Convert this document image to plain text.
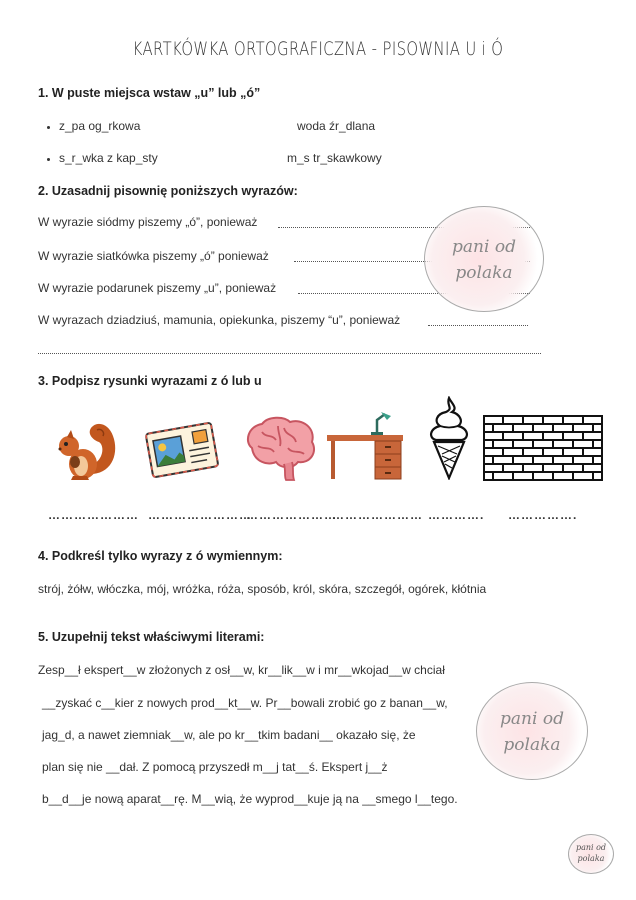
KARTKÓWKA ORTOGRAFICZNA - PISOWNIA U i Ó
1. W puste miejsca wstaw „u” lub „ó”
z_pa og_rkowa	woda źr_dlana
s_r_wka z kap_sty	m_s tr_skawkowy
2. Uzasadnij pisownię poniższych wyrazów:
W wyrazie siódmy piszemy „ó”, ponieważ
W wyrazie siatkówka piszemy „ó” ponieważ
W wyrazie podarunek piszemy „u”, ponieważ
W wyrazach dziadziuś, mamunia, opiekunka, piszemy “u”, ponieważ
pani od
polaka
3. Podpisz rysunki wyrazami z ó lub u
………………… ……………………
…………………
………………… …………. …………….
4. Podkreśl tylko wyrazy z ó wymiennym:
strój, żółw, włóczka, mój, wróżka, róża, sposób, król, skóra, szczegół, ogórek, kłótnia
5. Uzupełnij tekst właściwymi literami:
Zesp__ł ekspert__w złożonych z osł__w, kr__lik__w i mr__wkojad__w chciał
__zyskać c__kier z nowych prod__kt__w. Pr__bowali zrobić go z banan__w,
jag_d, a nawet ziemniak__w, ale po kr__tkim badani__ okazało się, że
plan się nie __dał. Z pomocą przyszedł m__j tat__ś. Ekspert j__ż
b__d__je nową aparat__rę. M__wią, że wyprod__kuje ją na __smego l__tego.
pani od
polaka
pani od
polaka
